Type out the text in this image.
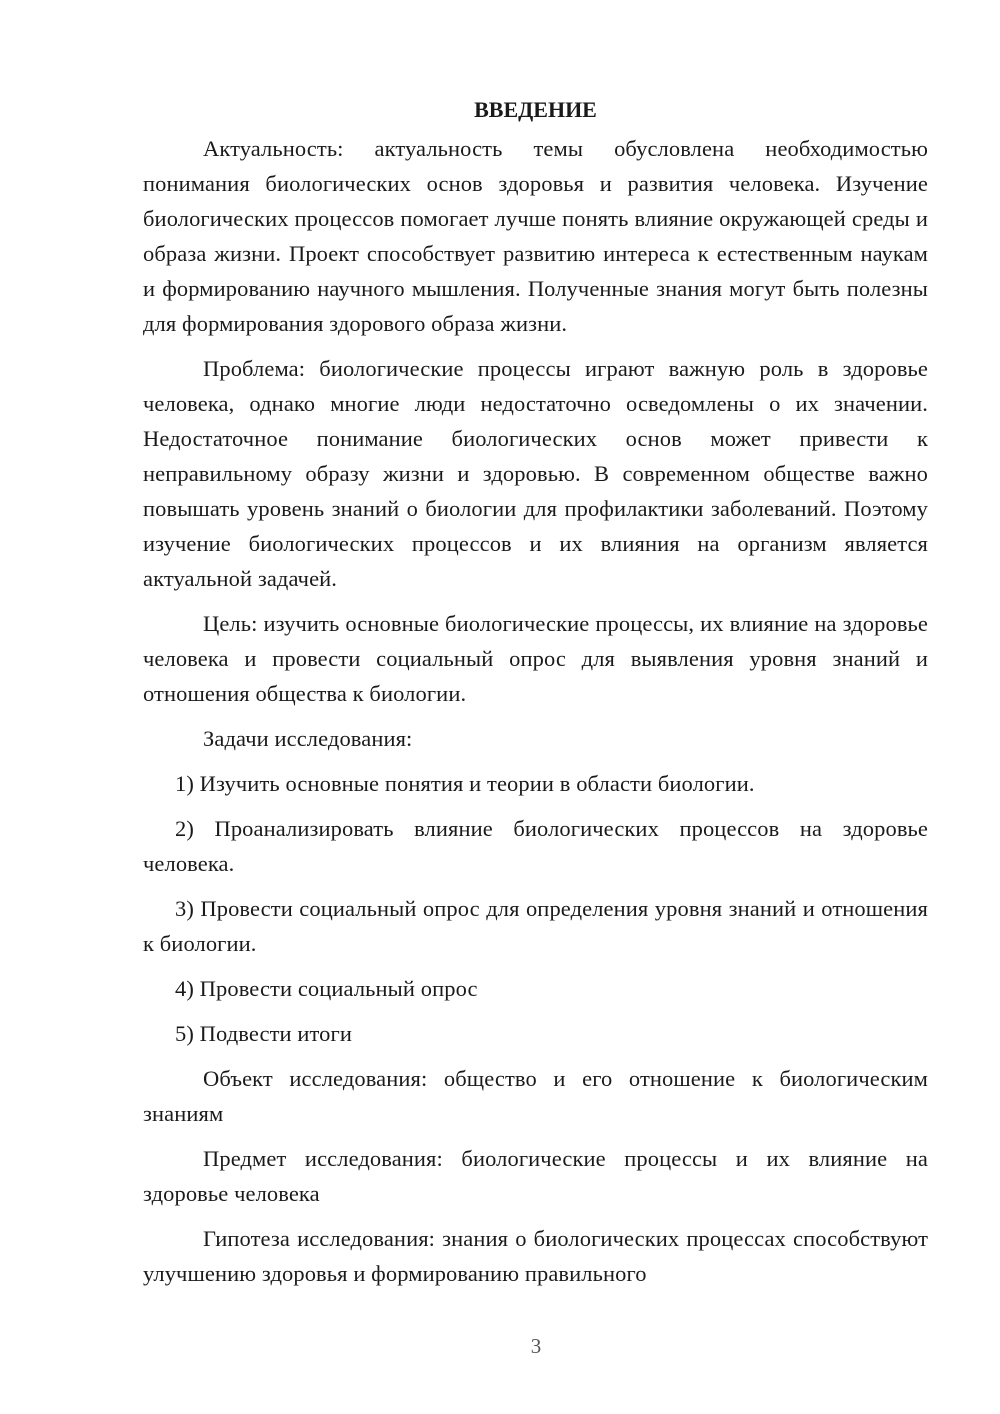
ВВЕДЕНИЕ

Актуальность: актуальность темы обусловлена необходимостью понимания биологических основ здоровья и развития человека. Изучение биологических процессов помогает лучше понять влияние окружающей среды и образа жизни. Проект способствует развитию интереса к естественным наукам и формированию научного мышления. Полученные знания могут быть полезны для формирования здорового образа жизни.

Проблема: биологические процессы играют важную роль в здоровье человека, однако многие люди недостаточно осведомлены о их значении. Недостаточное понимание биологических основ может привести к неправильному образу жизни и здоровью. В современном обществе важно повышать уровень знаний о биологии для профилактики заболеваний. Поэтому изучение биологических процессов и их влияния на организм является актуальной задачей.

Цель: изучить основные биологические процессы, их влияние на здоровье человека и провести социальный опрос для выявления уровня знаний и отношения общества к биологии.

Задачи исследования:

1) Изучить основные понятия и теории в области биологии.

2) Проанализировать влияние биологических процессов на здоровье человека.

3) Провести социальный опрос для определения уровня знаний и отношения к биологии.

4) Провести социальный опрос

5) Подвести итоги

Объект исследования: общество и его отношение к биологическим знаниям

Предмет исследования: биологические процессы и их влияние на здоровье человека

Гипотеза исследования: знания о биологических процессах способствуют улучшению здоровья и формированию правильного

3
